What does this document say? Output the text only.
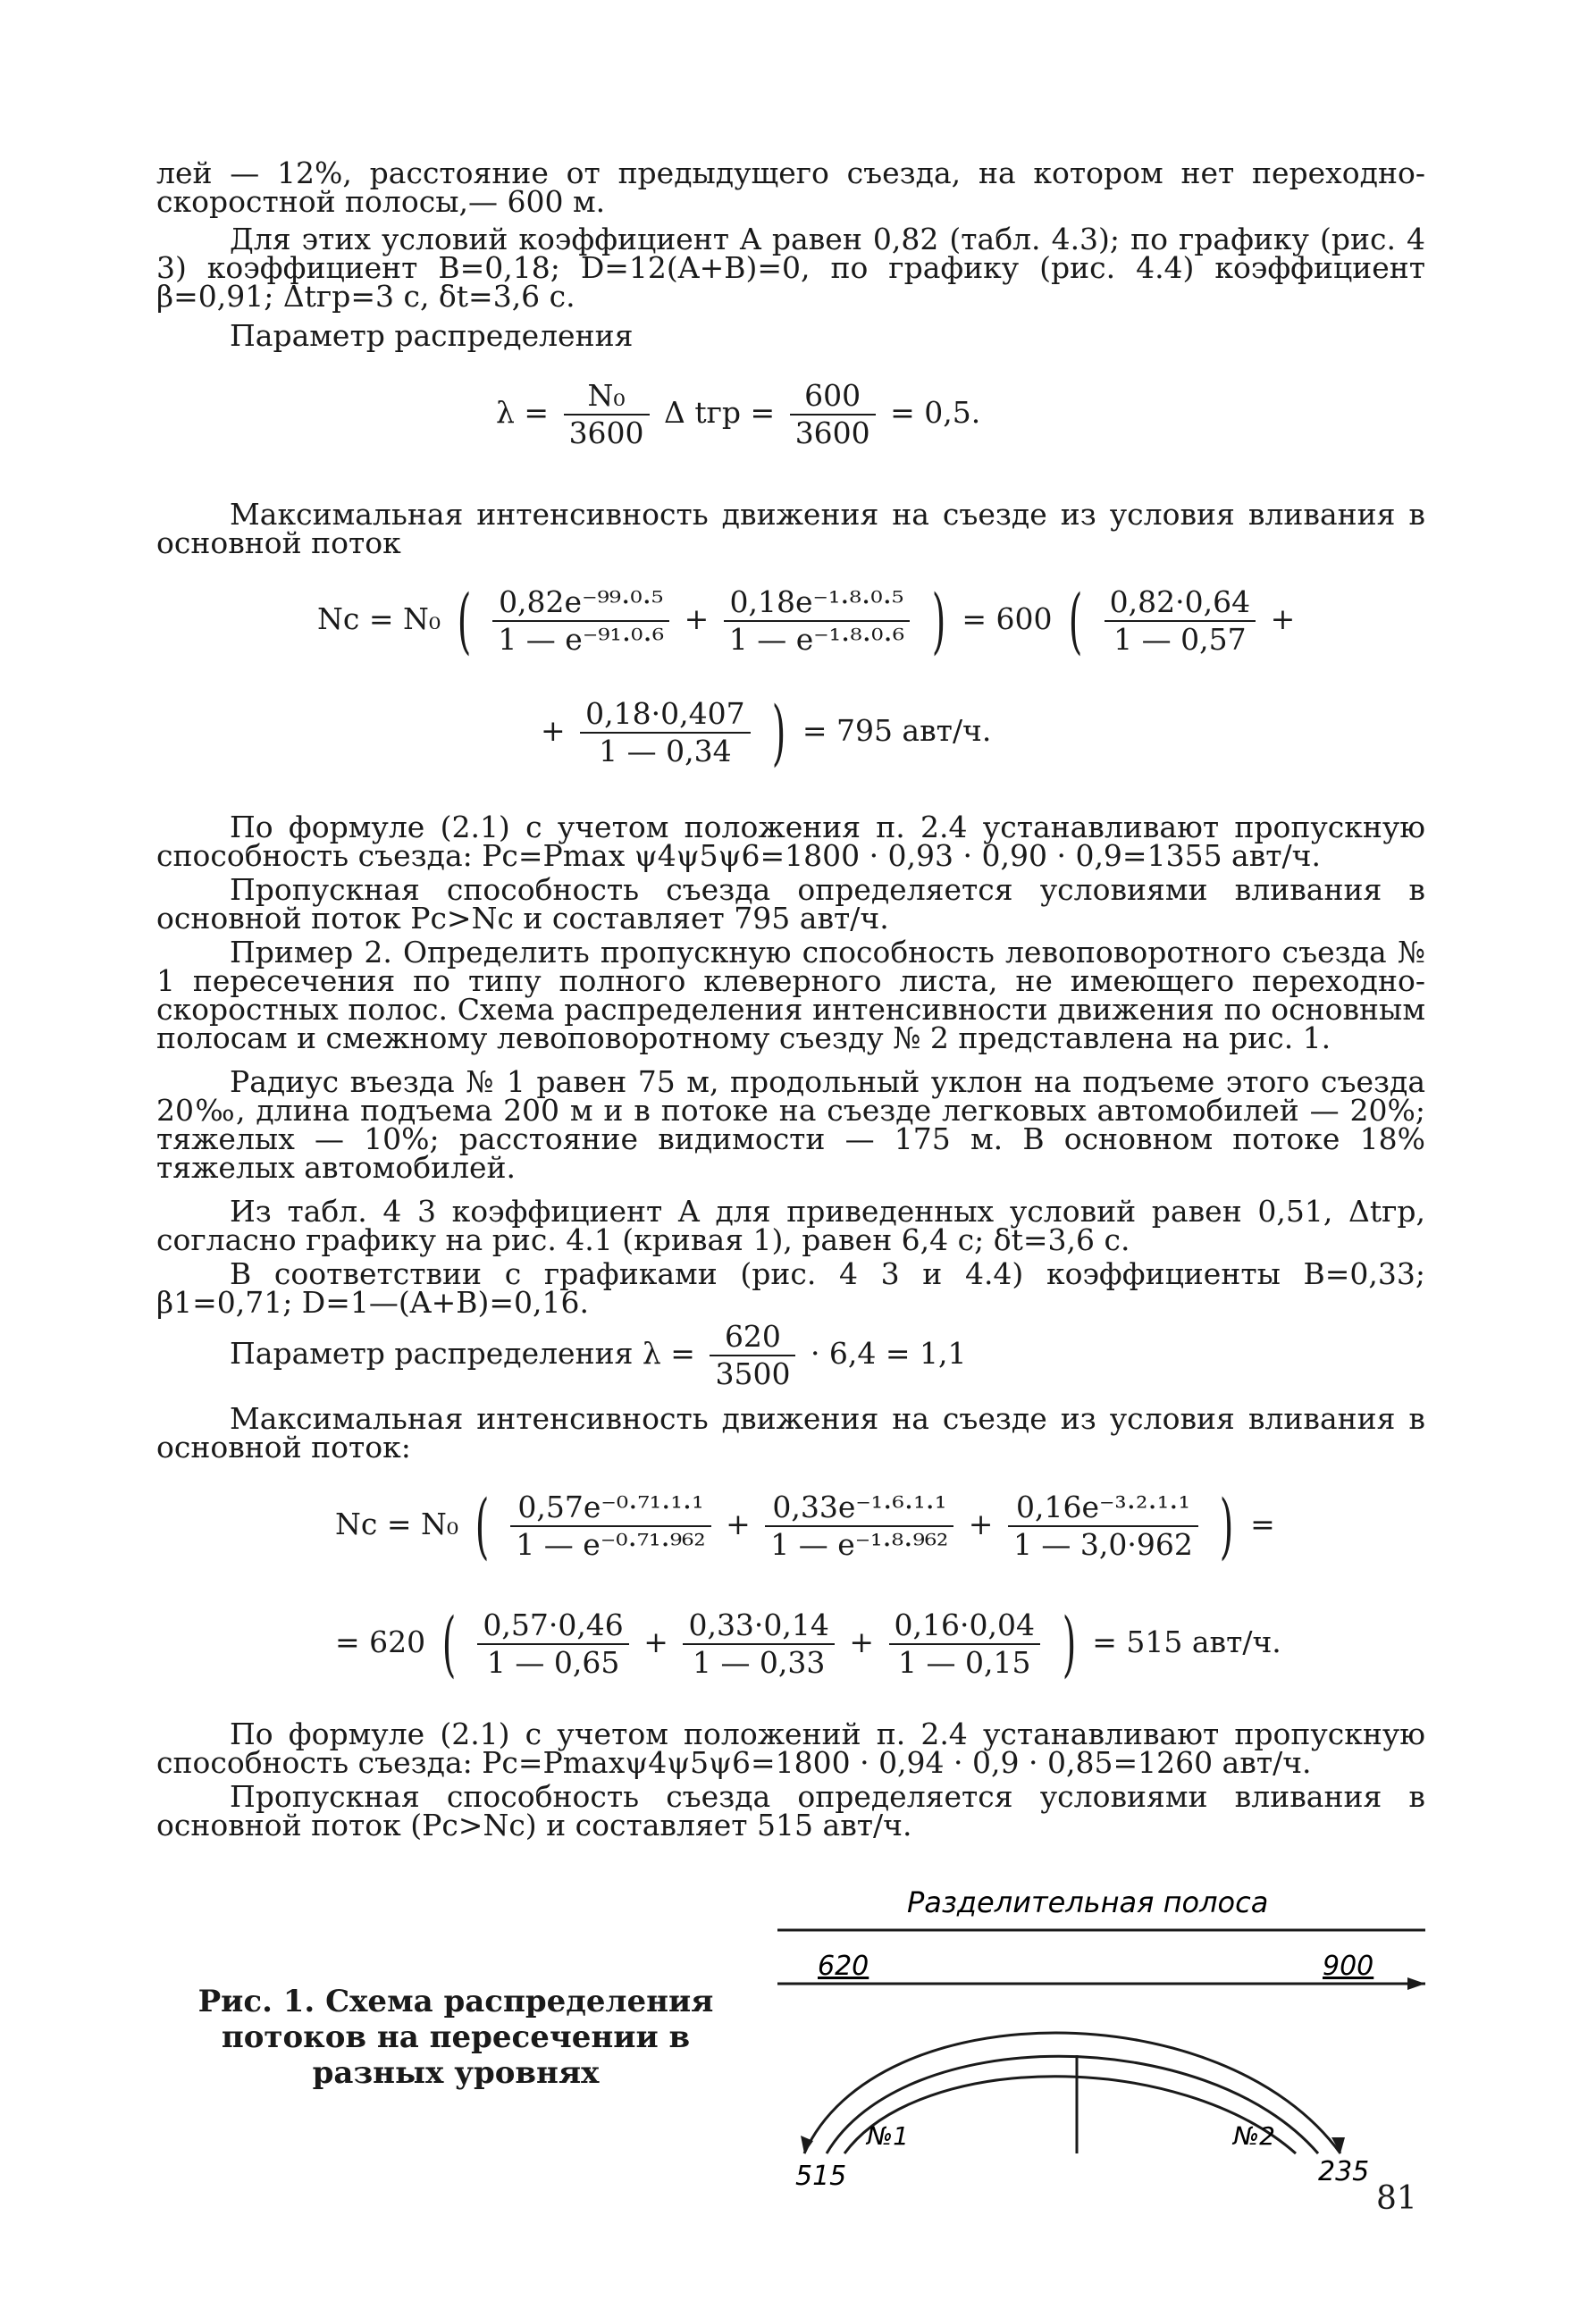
лей — 12%, расстояние от предыдущего съезда, на котором нет переходно-скоростной полосы,— 600 м.

Для этих условий коэффициент A равен 0,82 (табл. 4.3); по графику (рис. 4 3) коэффициент B=0,18; D=12(A+B)=0, по графику (рис. 4.4) коэффициент β=0,91; Δtгр=3 с, δt=3,6 с.

Параметр распределения

$\lambda = \frac{\text{N₀}}{3600}$ Δ tгр = $\frac{600}{3600} = 0,5$.

Максимальная интенсивность движения на съезде из условия вливания в основной поток

Nс = N₀ ( $\frac{\text{0,82e⁻⁹⁹·⁰·⁵}}{\text{1 — e⁻⁹¹·⁰·⁶}} + \frac{\text{0,18e⁻¹·⁸·⁰·⁵}}{\text{1 — e⁻¹·⁸·⁰·⁶}}$ ) = 600 ( $\frac{0,82\cdot 0,64}{1 — 0,57}$ +
+ $\frac{0,18\cdot 0,407}{1 — 0,34}$ ) = 795 авт/ч.

По формуле (2.1) с учетом положения п. 2.4 устанавливают пропускную способность съезда: Pс=Pmax ψ4ψ5ψ6=1800 · 0,93 · 0,90 · 0,9=1355 авт/ч.

Пропускная способность съезда определяется условиями вливания в основной поток Pс>Nс и составляет 795 авт/ч.

Пример 2. Определить пропускную способность левоповоротного съезда № 1 пересечения по типу полного клеверного листа, не имеющего переходно-скоростных полос. Схема распределения интенсивности движения по основным полосам и смежному левоповоротному съезду № 2 представлена на рис. 1.

Радиус въезда № 1 равен 75 м, продольный уклон на подъеме этого съезда 20‰, длина подъема 200 м и в потоке на съезде легковых автомобилей — 20%; тяжелых — 10%; расстояние видимости — 175 м. В основном потоке 18% тяжелых автомобилей.

Из табл. 4 3 коэффициент A для приведенных условий равен 0,51, Δtгр, согласно графику на рис. 4.1 (кривая 1), равен 6,4 с; δt=3,6 с.

В соответствии с графиками (рис. 4 3 и 4.4) коэффициенты B=0,33; β1=0,71; D=1—(A+B)=0,16.

Параметр распределения $\lambda = \frac{620}{3500} \cdot 6,4 = 1,1$

Максимальная интенсивность движения на съезде из условия вливания в основной поток:

Nс = N₀ ( $\frac{\text{0,57e⁻⁰·⁷¹·¹·¹}}{\text{1 — e⁻⁰·⁷¹·⁹⁶²}} + \frac{\text{0,33e⁻¹·⁶·¹·¹}}{\text{1 — e⁻¹·⁸·⁹⁶²}} + \frac{\text{0,16e⁻³·²·¹·¹}}{1 — 3,0\cdot 962}$ ) =
= 620 ( $\frac{0,57\cdot 0,46}{1 — 0,65} + \frac{0,33\cdot 0,14}{1 — 0,33} + \frac{0,16\cdot 0,04}{1 — 0,15}$ ) = 515 авт/ч.

По формуле (2.1) с учетом положений п. 2.4 устанавливают пропускную способность съезда: Pс=Pmaxψ4ψ5ψ6=1800 · 0,94 · 0,9 · 0,85=1260 авт/ч.

Пропускная способность съезда определяется условиями вливания в основной поток (Pс>Nс) и составляет 515 авт/ч.

Рис. 1. Схема распределения потоков на пересечении в разных уровнях

Разделительная полоса
620	900
№1	№2
515	235
81
